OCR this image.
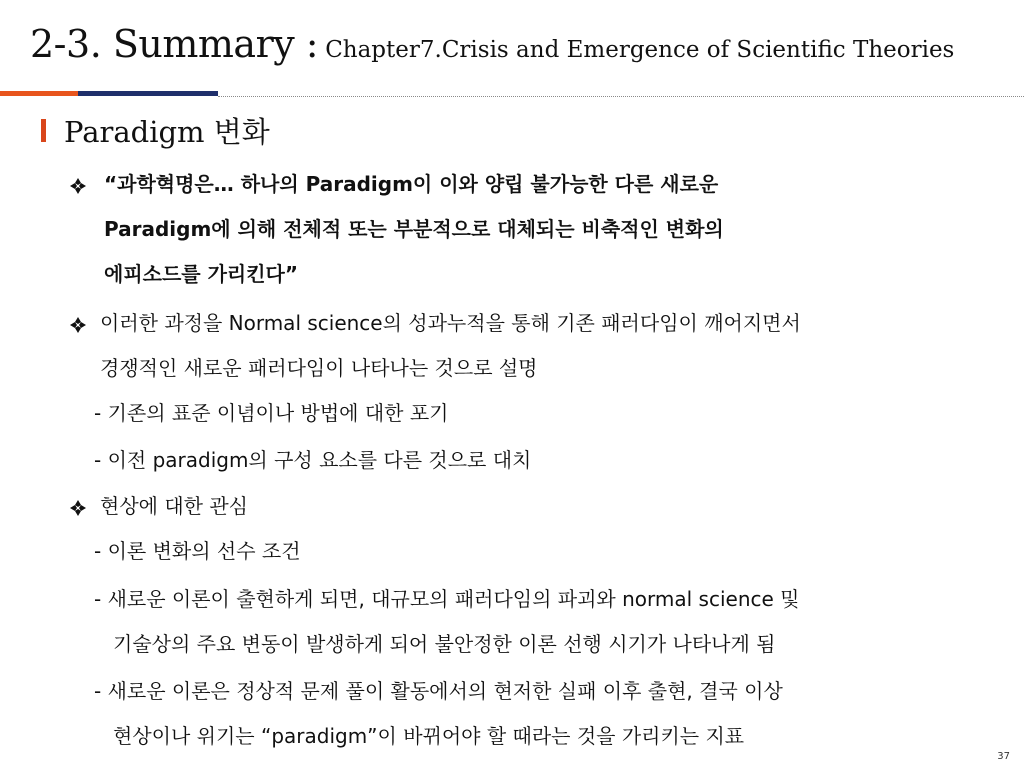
2-3. Summary : Chapter7.Crisis and Emergence of Scientific Theories
Paradigm 변화
“과학혁명은… 하나의 Paradigm이 이와 양립 불가능한 다른 새로운
Paradigm에 의해 전체적 또는 부분적으로 대체되는 비축적인 변화의
에피소드를 가리킨다”
이러한 과정을 Normal science의 성과누적을 통해 기존 패러다임이 깨어지면서
경쟁적인 새로운 패러다임이 나타나는 것으로 설명
- 기존의 표준 이념이나 방법에 대한 포기
- 이전 paradigm의 구성 요소를 다른 것으로 대치
현상에 대한 관심
- 이론 변화의 선수 조건
- 새로운 이론이 출현하게 되면, 대규모의 패러다임의 파괴와 normal science 및
기술상의 주요 변동이 발생하게 되어 불안정한 이론 선행 시기가 나타나게 됨
- 새로운 이론은 정상적 문제 풀이 활동에서의 현저한 실패 이후 출현, 결국 이상
현상이나 위기는 “paradigm”이 바뀌어야 할 때라는 것을 가리키는 지표
37
